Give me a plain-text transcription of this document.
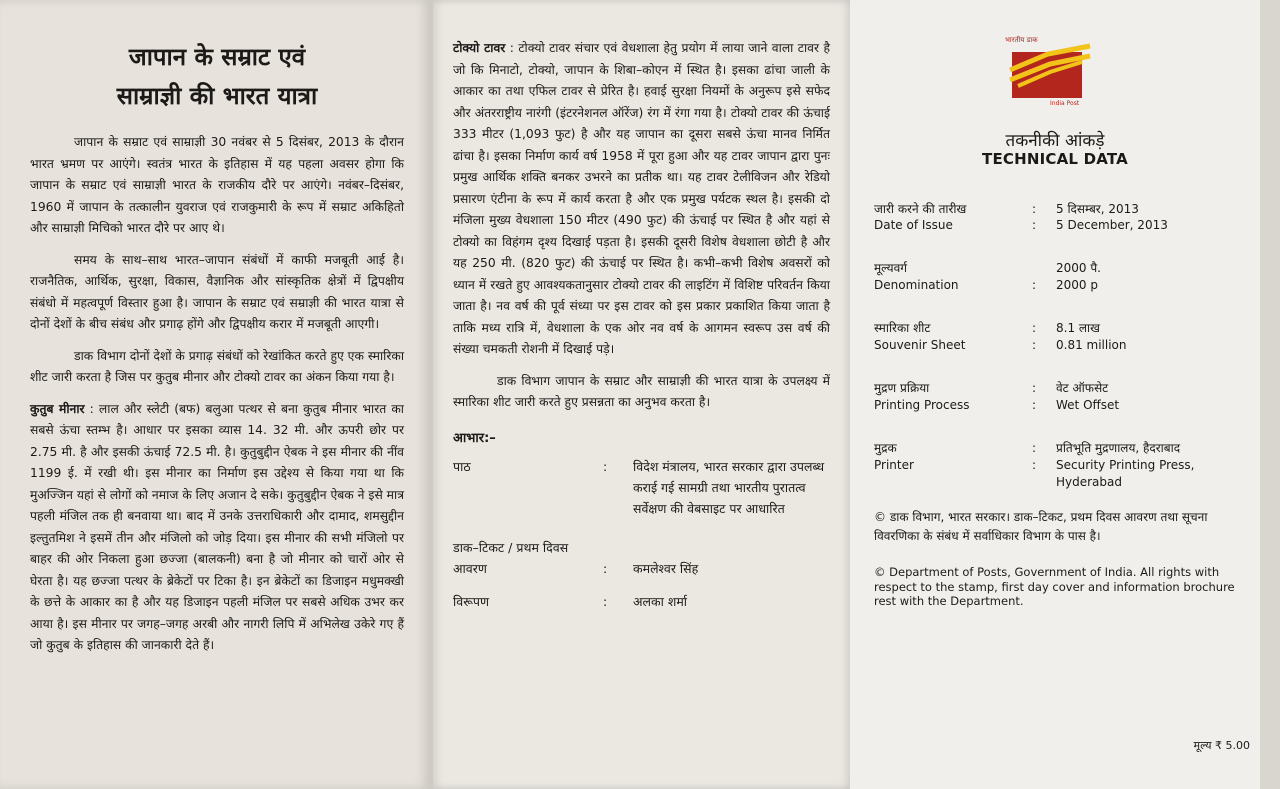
जापान के सम्राट एवं
साम्राज्ञी की भारत यात्रा

जापान के सम्राट एवं साम्राज्ञी 30 नवंबर से 5 दिसंबर, 2013 के दौरान भारत भ्रमण पर आएंगे। स्वतंत्र भारत के इतिहास में यह पहला अवसर होगा कि जापान के सम्राट एवं साम्राज्ञी भारत के राजकीय दौरे पर आएंगे। नवंबर–दिसंबर, 1960 में जापान के तत्कालीन युवराज एवं राजकुमारी के रूप में सम्राट अकिहितो और साम्राज्ञी मिचिको भारत दौरे पर आए थे।

समय के साथ–साथ भारत–जापान संबंधों में काफी मजबूती आई है। राजनैतिक, आर्थिक, सुरक्षा, विकास, वैज्ञानिक और सांस्कृतिक क्षेत्रों में द्विपक्षीय संबंधो में महत्वपूर्ण विस्तार हुआ है। जापान के सम्राट एवं सम्राज्ञी की भारत यात्रा से दोनों देशों के बीच संबंध और प्रगाढ़ होंगे और द्विपक्षीय करार में मजबूती आएगी।

डाक विभाग दोनों देशों के प्रगाढ़ संबंधों को रेखांकित करते हुए एक स्मारिका शीट जारी करता है जिस पर कुतुब मीनार और टोक्यो टावर का अंकन किया गया है।

कुतुब मीनार : लाल और स्लेटी (बफ) बलुआ पत्थर से बना कुतुब मीनार भारत का सबसे ऊंचा स्तम्भ है। आधार पर इसका व्यास 14. 32 मी. और ऊपरी छोर पर 2.75 मी. है और इसकी ऊंचाई 72.5 मी. है। कुतुबुद्दीन ऐबक ने इस मीनार की नींव 1199 ई. में रखी थी। इस मीनार का निर्माण इस उद्देश्य से किया गया था कि मुअज्जिन यहां से लोगों को नमाज के लिए अजान दे सके। कुतुबुद्दीन ऐबक ने इसे मात्र पहली मंजिल तक ही बनवाया था। बाद में उनके उत्तराधिकारी और दामाद, शमसुद्दीन इल्तुतमिश ने इसमें तीन और मंजिलो को जोड़ दिया। इस मीनार की सभी मंजिलो पर बाहर की ओर निकला हुआ छज्जा (बालकनी) बना है जो मीनार को चारों ओर से घेरता है। यह छज्जा पत्थर के ब्रेकेटों पर टिका है। इन ब्रेकेटों का डिजाइन मधुमक्खी के छत्ते के आकार का है और यह डिजाइन पहली मंजिल पर सबसे अधिक उभर कर आया है। इस मीनार पर जगह–जगह अरबी और नागरी लिपि में अभिलेख उकेरे गए हैं जो कुतुब के इतिहास की जानकारी देते हैं।

टोक्यो टावर : टोक्यो टावर संचार एवं वेधशाला हेतु प्रयोग में लाया जाने वाला टावर है जो कि मिनाटो, टोक्यो, जापान के शिबा–कोएन में स्थित है। इसका ढांचा जाली के आकार का तथा एफिल टावर से प्रेरित है। हवाई सुरक्षा नियमों के अनुरूप इसे सफेद और अंतरराष्ट्रीय नारंगी (इंटरनेशनल ऑरेंज) रंग में रंगा गया है। टोक्यो टावर की ऊंचाई 333 मीटर (1,093 फुट) है और यह जापान का दूसरा सबसे ऊंचा मानव निर्मित ढांचा है। इसका निर्माण कार्य वर्ष 1958 में पूरा हुआ और यह टावर जापान द्वारा पुनः प्रमुख आर्थिक शक्ति बनकर उभरने का प्रतीक था। यह टावर टेलीविजन और रेडियो प्रसारण एंटीना के रूप में कार्य करता है और एक प्रमुख पर्यटक स्थल है। इसकी दो मंजिला मुख्य वेधशाला 150 मीटर (490 फुट) की ऊंचाई पर स्थित है और यहां से टोक्यो का विहंगम दृश्य दिखाई पड़ता है। इसकी दूसरी विशेष वेधशाला छोटी है और यह 250 मी. (820 फुट) की ऊंचाई पर स्थित है। कभी–कभी विशेष अवसरों को ध्यान में रखते हुए आवश्यकतानुसार टोक्यो टावर की लाइटिंग में विशिष्ट परिवर्तन किया जाता है। नव वर्ष की पूर्व संध्या पर इस टावर को इस प्रकार प्रकाशित किया जाता है ताकि मध्य रात्रि में, वेधशाला के एक ओर नव वर्ष के आगमन स्वरूप उस वर्ष की संख्या चमकती रोशनी में दिखाई पड़े।

डाक विभाग जापान के सम्राट और साम्राज्ञी की भारत यात्रा के उपलक्ष्य में स्मारिका शीट जारी करते हुए प्रसन्नता का अनुभव करता है।

आभार:–
पाठ	:	विदेश मंत्रालय, भारत सरकार द्वारा उपलब्ध कराई गई सामग्री तथा भारतीय पुरातत्व सर्वेक्षण की वेबसाइट पर आधारित
डाक–टिकट / प्रथम दिवस आवरण	:	कमलेश्वर सिंह
विरूपण	:	अलका शर्मा
भारतीय डाक
India Post
तकनीकी आंकड़े
TECHNICAL DATA
जारी करने की तारीख	:	5 दिसम्बर, 2013
Date of Issue	:	5 December, 2013
मूल्यवर्ग	2000 पै.
Denomination	:	2000 p
स्मारिका शीट	:	8.1 लाख
Souvenir Sheet	:	0.81 million
मुद्रण प्रक्रिया	:	वेट ऑफसेट
Printing Process	:	Wet Offset
मुद्रक	:	प्रतिभूति मुद्रणालय, हैदराबाद
Printer	:	Security Printing Press, Hyderabad
© डाक विभाग, भारत सरकार। डाक–टिकट, प्रथम दिवस आवरण तथा सूचना विवरणिका के संबंध में सर्वाधिकार विभाग के पास है।
© Department of Posts, Government of India. All rights with respect to the stamp, first day cover and information brochure rest with the Department.
मूल्य ₹ 5.00
